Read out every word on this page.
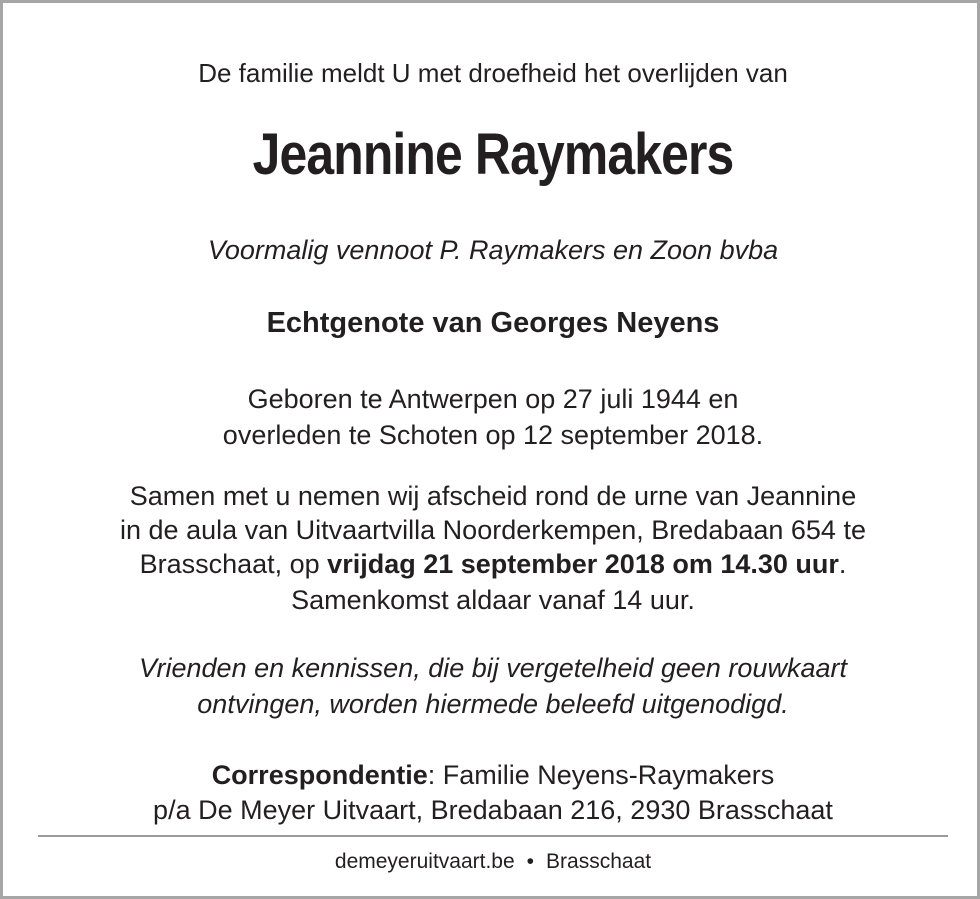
De familie meldt U met droefheid het overlijden van
Jeannine Raymakers
Voormalig vennoot P. Raymakers en Zoon bvba
Echtgenote van Georges Neyens
Geboren te Antwerpen op 27 juli 1944 en
overleden te Schoten op 12 september 2018.
Samen met u nemen wij afscheid rond de urne van Jeannine
in de aula van Uitvaartvilla Noorderkempen, Bredabaan 654 te
Brasschaat, op vrijdag 21 september 2018 om 14.30 uur.
Samenkomst aldaar vanaf 14 uur.
Vrienden en kennissen, die bij vergetelheid geen rouwkaart
ontvingen, worden hiermede beleefd uitgenodigd.
Correspondentie: Familie Neyens-Raymakers
p/a De Meyer Uitvaart, Bredabaan 216, 2930 Brasschaat
demeyeruitvaart.be • Brasschaat
